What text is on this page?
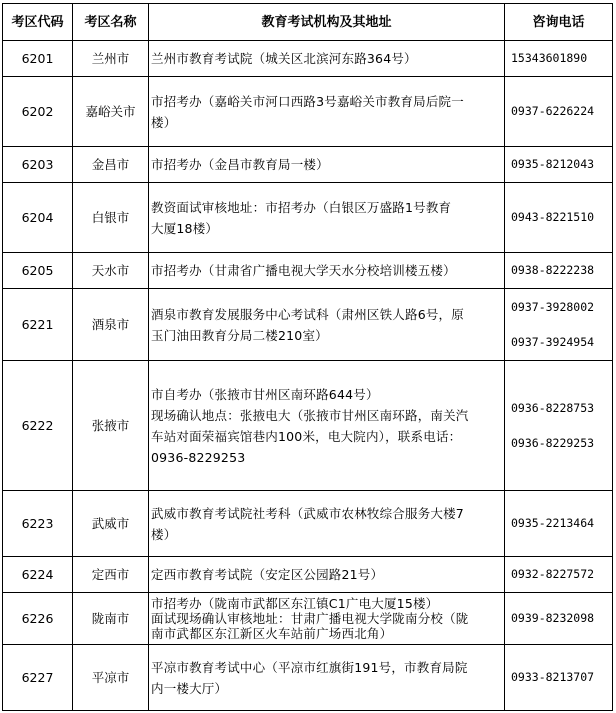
考区代码	考区名称	教育考试机构及其地址	咨询电话
6201	兰州市	兰州市教育考试院（城关区北滨河东路364号）	15343601890

6202	嘉峪关市	市招考办（嘉峪关市河口西路3号嘉峪关市教育局后院一
楼）	0937-6226224

6203	金昌市	市招考办（金昌市教育局一楼）	0935-8212043

6204	白银市	教资面试审核地址：市招考办（白银区万盛路1号教育
大厦18楼）	0943-8221510

6205	天水市	市招考办（甘肃省广播电视大学天水分校培训楼五楼）	0938-8222238

6221	酒泉市	酒泉市教育发展服务中心考试科（肃州区铁人路6号，原
玉门油田教育分局二楼210室）	0937-3928002
0937-3924954

6222	张掖市	市自考办（张掖市甘州区南环路644号）
现场确认地点：张掖电大（张掖市甘州区南环路，南关汽
车站对面荣福宾馆巷内100米，电大院内），联系电话：
0936-8229253	0936-8228753
0936-8229253

6223	武威市	武威市教育考试院社考科（武威市农林牧综合服务大楼7
楼）	0935-2213464

6224	定西市	定西市教育考试院（安定区公园路21号）	0932-8227572

6226	陇南市	市招考办（陇南市武都区东江镇C1广电大厦15楼）
面试现场确认审核地址：甘肃广播电视大学陇南分校（陇
南市武都区东江新区火车站前广场西北角）	0939-8232098

6227	平凉市	平凉市教育考试中心（平凉市红旗街191号，市教育局院
内一楼大厅）	0933-8213707
